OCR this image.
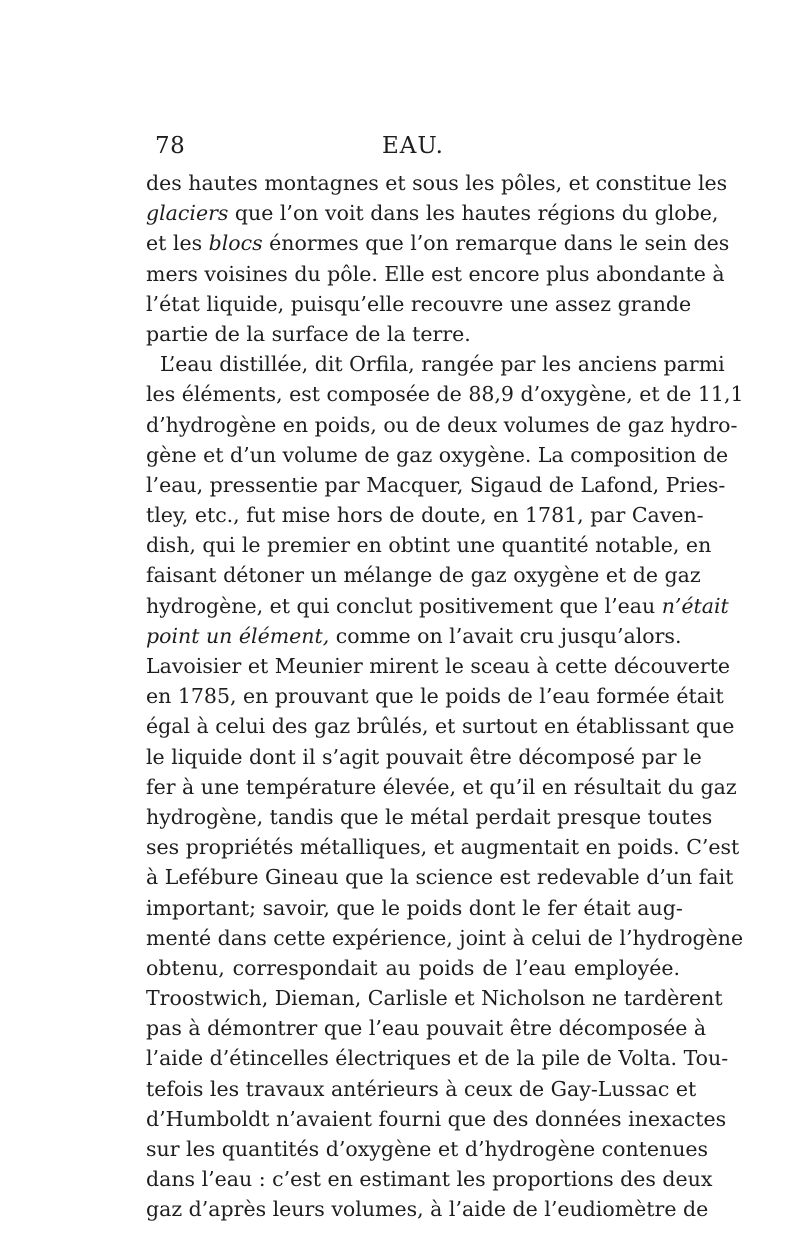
78	EAU.
des hautes montagnes et sous les pôles, et constitue les
glaciers que l’on voit dans les hautes régions du globe,
et les blocs énormes que l’on remarque dans le sein des
mers voisines du pôle. Elle est encore plus abondante à
l’état liquide, puisqu’elle recouvre une assez grande
partie de la surface de la terre.
L’eau distillée, dit Orfila, rangée par les anciens parmi
les éléments, est composée de 88,9 d’oxygène, et de 11,1
d’hydrogène en poids, ou de deux volumes de gaz hydro-
gène et d’un volume de gaz oxygène. La composition de
l’eau, pressentie par Macquer, Sigaud de Lafond, Pries-
tley, etc., fut mise hors de doute, en 1781, par Caven-
dish, qui le premier en obtint une quantité notable, en
faisant détoner un mélange de gaz oxygène et de gaz
hydrogène, et qui conclut positivement que l’eau n’était
point un élément, comme on l’avait cru jusqu’alors.
Lavoisier et Meunier mirent le sceau à cette découverte
en 1785, en prouvant que le poids de l’eau formée était
égal à celui des gaz brûlés, et surtout en établissant que
le liquide dont il s’agit pouvait être décomposé par le
fer à une température élevée, et qu’il en résultait du gaz
hydrogène, tandis que le métal perdait presque toutes
ses propriétés métalliques, et augmentait en poids. C’est
à Lefébure Gineau que la science est redevable d’un fait
important; savoir, que le poids dont le fer était aug-
menté dans cette expérience, joint à celui de l’hydrogène
obtenu, correspondait au poids de l’eau employée.
Troostwich, Dieman, Carlisle et Nicholson ne tardèrent
pas à démontrer que l’eau pouvait être décomposée à
l’aide d’étincelles électriques et de la pile de Volta. Tou-
tefois les travaux antérieurs à ceux de Gay-Lussac et
d’Humboldt n’avaient fourni que des données inexactes
sur les quantités d’oxygène et d’hydrogène contenues
dans l’eau : c’est en estimant les proportions des deux
gaz d’après leurs volumes, à l’aide de l’eudiomètre de
